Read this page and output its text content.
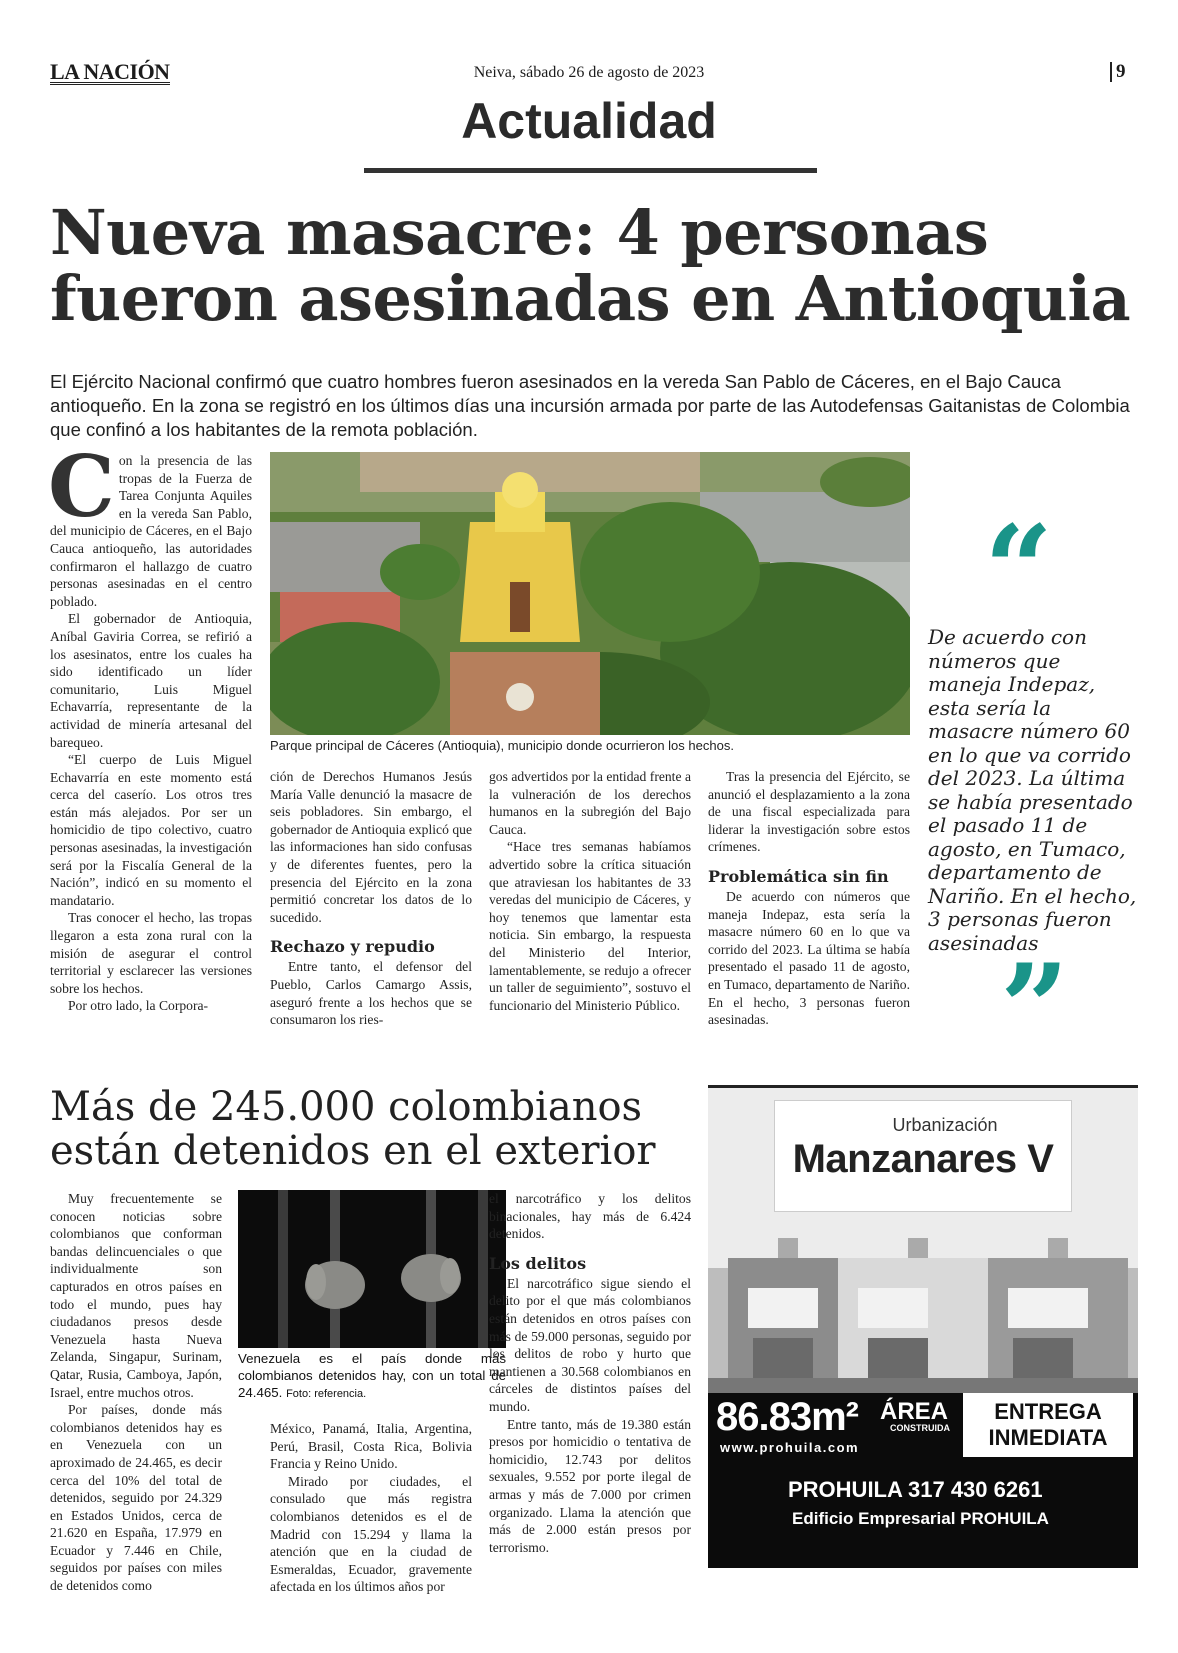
LA NACIÓN	Neiva, sábado 26 de agosto de 2023	9
Actualidad
Nueva masacre: 4 personas
fueron asesinadas en Antioquia
El Ejército Nacional confirmó que cuatro hombres fueron asesinados en la vereda San Pablo de Cáceres, en el Bajo Cauca antioqueño. En la zona se registró en los últimos días una incursión armada por parte de las Autodefensas Gaitanistas de Colombia que confinó a los habitantes de la remota población.

Con la presencia de las tropas de la Fuerza de Tarea Conjunta Aquiles en la vereda San Pablo, del municipio de Cáceres, en el Bajo Cauca antioqueño, las autoridades confirmaron el hallazgo de cuatro personas asesinadas en el centro poblado.

El gobernador de Antioquia, Aníbal Gaviria Correa, se refirió a los asesinatos, entre los cuales ha sido identificado un líder comunitario, Luis Miguel Echavarría, representante de la actividad de minería artesanal del barequeo.

“El cuerpo de Luis Miguel Echavarría en este momento está cerca del caserío. Los otros tres están más alejados. Por ser un homicidio de tipo colectivo, cuatro personas asesinadas, la investigación será por la Fiscalía General de la Nación”, indicó en su momento el mandatario.

Tras conocer el hecho, las tropas llegaron a esta zona rural con la misión de asegurar el control territorial y esclarecer las versiones sobre los hechos.

Por otro lado, la Corpora-

Parque principal de Cáceres (Antioquia), municipio donde ocurrieron los hechos.

ción de Derechos Humanos Jesús María Valle denunció la masacre de seis pobladores. Sin embargo, el gobernador de Antioquia explicó que las informaciones han sido confusas y de diferentes fuentes, pero la presencia del Ejército en la zona permitió concretar los datos de lo sucedido.

Rechazo y repudio

Entre tanto, el defensor del Pueblo, Carlos Camargo Assis, aseguró frente a los hechos que se consumaron los ries-

gos advertidos por la entidad frente a la vulneración de los derechos humanos en la subregión del Bajo Cauca.

“Hace tres semanas habíamos advertido sobre la crítica situación que atraviesan los habitantes de 33 veredas del municipio de Cáceres, y hoy tenemos que lamentar esta noticia. Sin embargo, la respuesta del Ministerio del Interior, lamentablemente, se redujo a ofrecer un taller de seguimiento”, sostuvo el funcionario del Ministerio Público.

Tras la presencia del Ejército, se anunció el desplazamiento a la zona de una fiscal especializada para liderar la investigación sobre estos crímenes.

Problemática sin fin

De acuerdo con números que maneja Indepaz, esta sería la masacre número 60 en lo que va corrido del 2023. La última se había presentado el pasado 11 de agosto, en Tumaco, departamento de Nariño. En el hecho, 3 personas fueron asesinadas.

“
De acuerdo con números que maneja Indepaz, esta sería la masacre número 60 en lo que va corrido del 2023. La última se había presentado el pasado 11 de agosto, en Tumaco, departamento de Nariño. En el hecho, 3 personas fueron asesinadas
”
Más de 245.000 colombianos
están detenidos en el exterior

Muy frecuentemente se conocen noticias sobre colombianos que conforman bandas delincuenciales o que individualmente son capturados en otros países en todo el mundo, pues hay ciudadanos presos desde Venezuela hasta Nueva Zelanda, Singapur, Surinam, Qatar, Rusia, Camboya, Japón, Israel, entre muchos otros.

Por países, donde más colombianos detenidos hay es en Venezuela con un aproximado de 24.465, es decir cerca del 10% del total de detenidos, seguido por 24.329 en Estados Unidos, cerca de 21.620 en España, 17.979 en Ecuador y 7.446 en Chile, seguidos por países con miles de detenidos como

Venezuela es el país donde más colombianos detenidos hay, con un total de 24.465. Foto: referencia.

México, Panamá, Italia, Argentina, Perú, Brasil, Costa Rica, Bolivia Francia y Reino Unido.

Mirado por ciudades, el consulado que más registra colombianos detenidos es el de Madrid con 15.294 y llama la atención que en la ciudad de Esmeraldas, Ecuador, gravemente afectada en los últimos años por

el narcotráfico y los delitos binacionales, hay más de 6.424 detenidos.

Los delitos

El narcotráfico sigue siendo el delito por el que más colombianos están detenidos en otros países con más de 59.000 personas, seguido por los delitos de robo y hurto que mantienen a 30.568 colombianos en cárceles de distintos países del mundo.

Entre tanto, más de 19.380 están presos por homicidio o tentativa de homicidio, 12.743 por delitos sexuales, 9.552 por porte ilegal de armas y más de 7.000 por crimen organizado. Llama la atención que más de 2.000 están presos por terrorismo.

Urbanización
Manzanares V
86.83m² ÁREA
CONSTRUIDA
www.prohuila.com
ENTREGA
INMEDIATA
PROHUILA 317 430 6261
Edificio Empresarial PROHUILA
